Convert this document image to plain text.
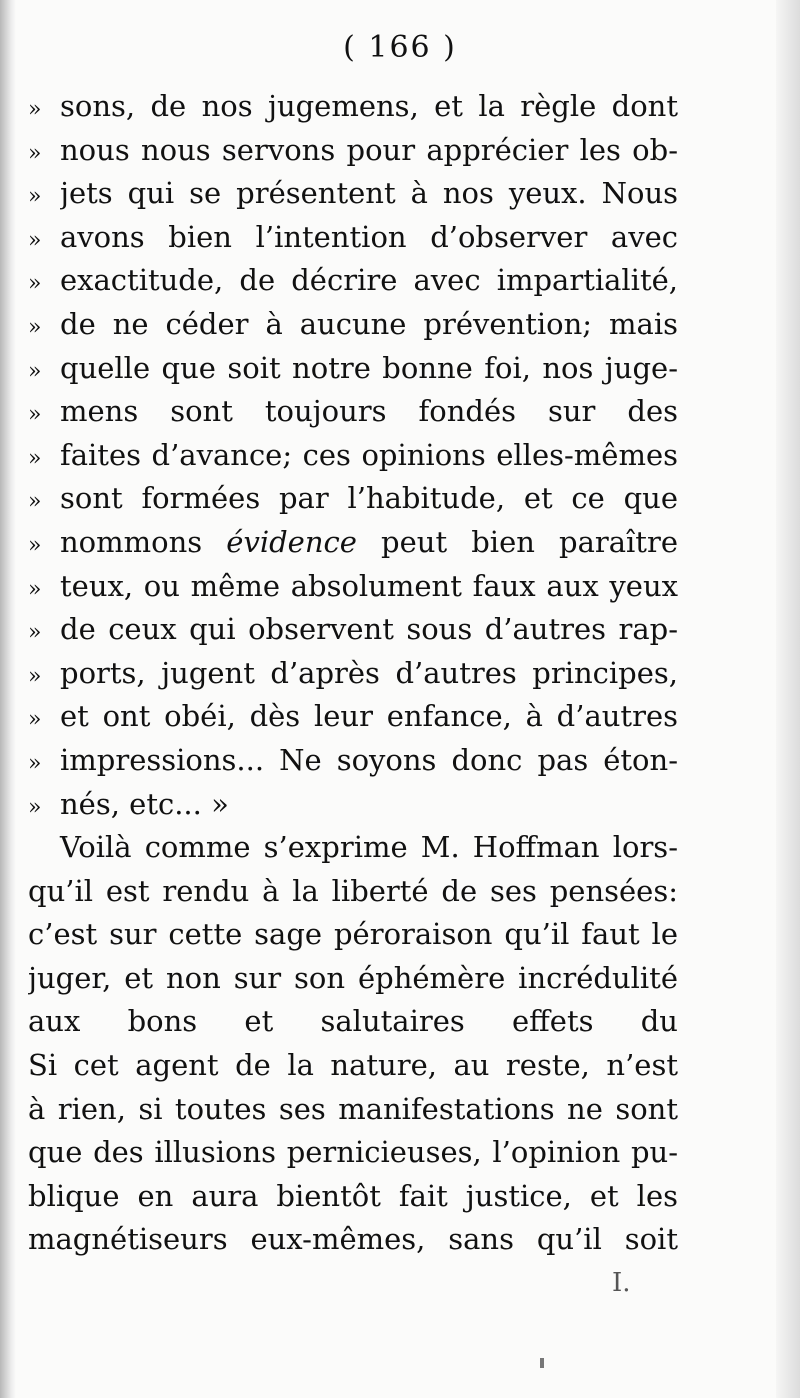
( 166 )
» sons, de nos jugemens, et la règle dont
» nous nous servons pour apprécier les ob-
» jets qui se présentent à nos yeux. Nous
» avons bien l’intention d’observer avec
» exactitude, de décrire avec impartialité,
» de ne céder à aucune prévention; mais
» quelle que soit notre bonne foi, nos juge-
» mens sont toujours fondés sur des
» faites d’avance; ces opinions elles-mêmes
» sont formées par l’habitude, et ce que
» nommons évidence peut bien paraître
» teux, ou même absolument faux aux yeux
» de ceux qui observent sous d’autres rap-
» ports, jugent d’après d’autres principes,
» et ont obéi, dès leur enfance, à d’autres
» impressions... Ne soyons donc pas éton-
» nés, etc... »
Voilà comme s’exprime M. Hoffman lors-
qu’il est rendu à la liberté de ses pensées:
c’est sur cette sage péroraison qu’il faut le
juger, et non sur son éphémère incrédulité
aux bons et salutaires effets du
Si cet agent de la nature, au reste, n’est
à rien, si toutes ses manifestations ne sont
que des illusions pernicieuses, l’opinion pu-
blique en aura bientôt fait justice, et les
magnétiseurs eux-mêmes, sans qu’il soit
I.
